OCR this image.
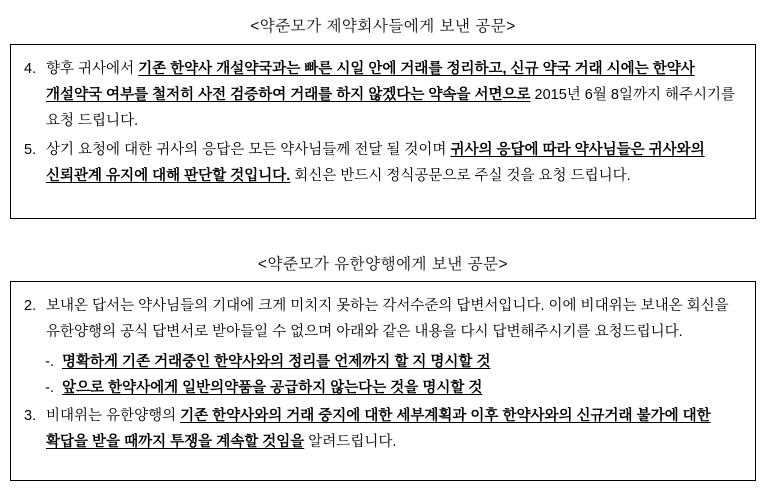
<약준모가 제약회사들에게 보낸 공문>
4. 향후 귀사에서 기존 한약사 개설약국과는 빠른 시일 안에 거래를 정리하고, 신규 약국 거래 시에는 한약사 개설약국 여부를 철저히 사전 검증하여 거래를 하지 않겠다는 약속을 서면으로 2015년 6월 8일까지 해주시기를 요청 드립니다.
5. 상기 요청에 대한 귀사의 응답은 모든 약사님들께 전달 될 것이며 귀사의 응답에 따라 약사님들은 귀사와의 신뢰관계 유지에 대해 판단할 것입니다. 회신은 반드시 정식공문으로 주실 것을 요청 드립니다.
<약준모가 유한양행에게 보낸 공문>
2. 보내온 답서는 약사님들의 기대에 크게 미치지 못하는 각서수준의 답변서입니다. 이에 비대위는 보내온 회신을 유한양행의 공식 답변서로 받아들일 수 없으며 아래와 같은 내용을 다시 답변해주시기를 요청드립니다.
-. 명확하게 기존 거래중인 한약사와의 정리를 언제까지 할 지 명시할 것
-. 앞으로 한약사에게 일반의약품을 공급하지 않는다는 것을 명시할 것
3. 비대위는 유한양행의 기존 한약사와의 거래 중지에 대한 세부계획과 이후 한약사와의 신규거래 불가에 대한 확답을 받을 때까지 투쟁을 계속할 것임을 알려드립니다.
